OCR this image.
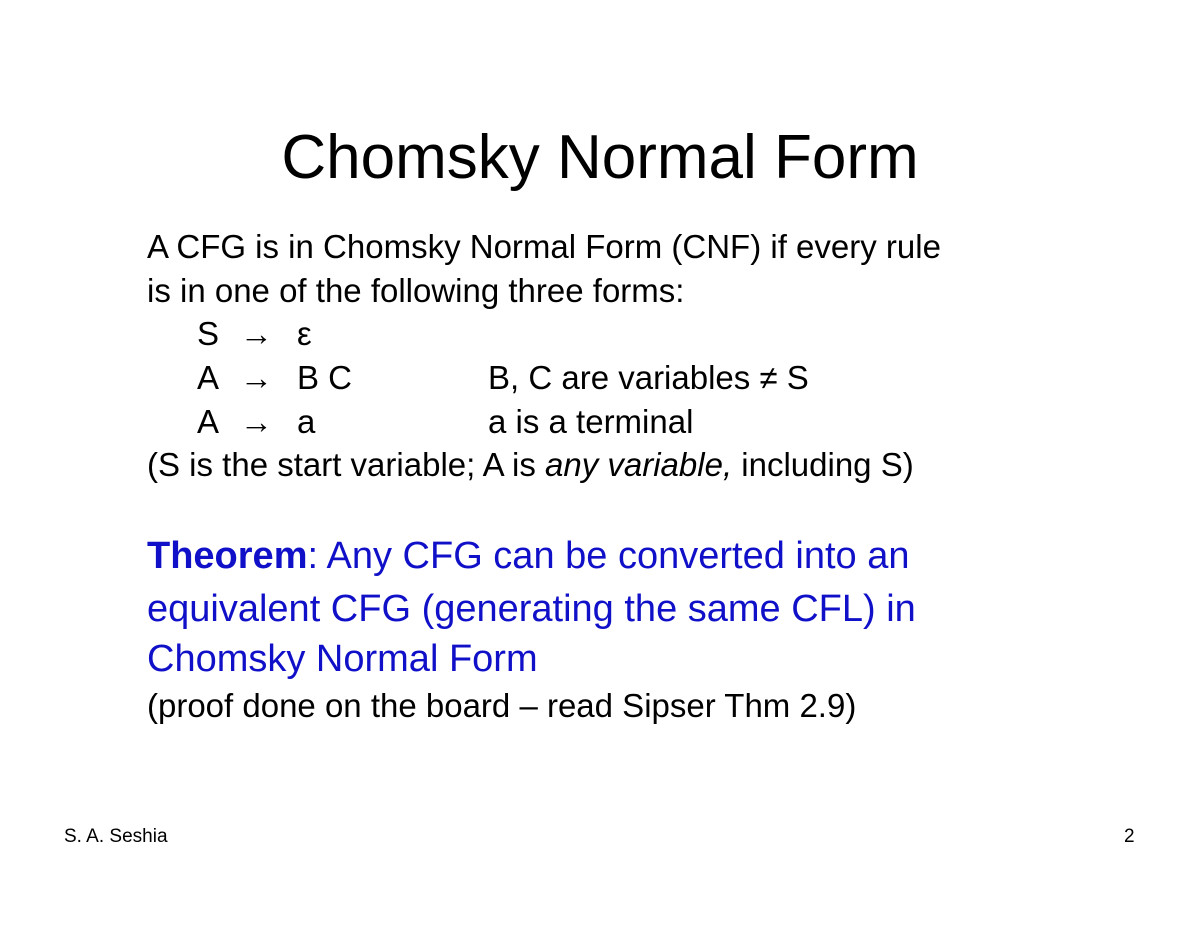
Chomsky Normal Form
A CFG is in Chomsky Normal Form (CNF) if every rule
is in one of the following three forms:
S → ε
A → B C	B, C are variables ≠ S
A → a	a is a terminal
(S is the start variable; A is any variable, including S)
Theorem: Any CFG can be converted into an
equivalent CFG (generating the same CFL) in
Chomsky Normal Form
(proof done on the board – read Sipser Thm 2.9)
S. A. Seshia	2
